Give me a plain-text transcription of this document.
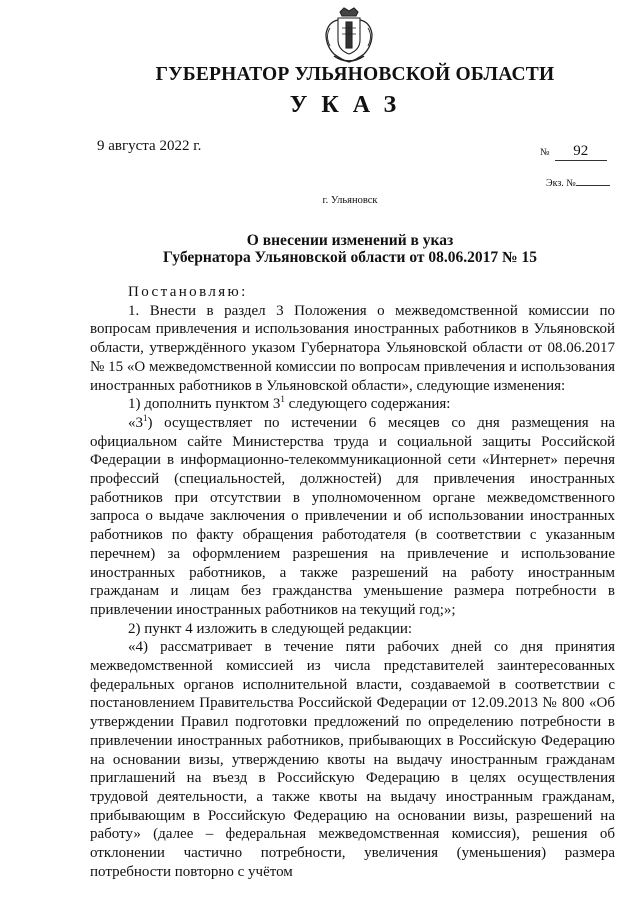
ГУБЕРНАТОР УЛЬЯНОВСКОЙ ОБЛАСТИ
УКАЗ
9 августа 2022 г.	№ 92
Экз. №
г. Ульяновск
О внесении изменений в указ
Губернатора Ульяновской области от 08.06.2017 № 15

Постановляю:

1. Внести в раздел 3 Положения о межведомственной комиссии по вопросам привлечения и использования иностранных работников в Ульяновской области, утверждённого указом Губернатора Ульяновской области от 08.06.2017 № 15 «О межведомственной комиссии по вопросам привлечения и использования иностранных работников в Ульяновской области», следующие изменения:

1) дополнить пунктом $3^1$ следующего содержания:

«$3^1$) осуществляет по истечении 6 месяцев со дня размещения на официальном сайте Министерства труда и социальной защиты Российской Федерации в информационно-телекоммуникационной сети «Интернет» перечня профессий (специальностей, должностей) для привлечения иностранных работников при отсутствии в уполномоченном органе межведомственного запроса о выдаче заключения о привлечении и об использовании иностранных работников по факту обращения работодателя (в соответствии с указанным перечнем) за оформлением разрешения на привлечение и использование иностранных работников, а также разрешений на работу иностранным гражданам и лицам без гражданства уменьшение размера потребности в привлечении иностранных работников на текущий год;»;

2) пункт 4 изложить в следующей редакции:

«4) рассматривает в течение пяти рабочих дней со дня принятия межведомственной комиссией из числа представителей заинтересованных федеральных органов исполнительной власти, создаваемой в соответствии с постановлением Правительства Российской Федерации от 12.09.2013 № 800 «Об утверждении Правил подготовки предложений по определению потребности в привлечении иностранных работников, прибывающих в Российскую Федерацию на основании визы, утверждению квоты на выдачу иностранным гражданам приглашений на въезд в Российскую Федерацию в целях осуществления трудовой деятельности, а также квоты на выдачу иностранным гражданам, прибывающим в Российскую Федерацию на основании визы, разрешений на работу» (далее – федеральная межведомственная комиссия), решения об отклонении частично потребности, увеличения (уменьшения) размера потребности повторно с учётом
